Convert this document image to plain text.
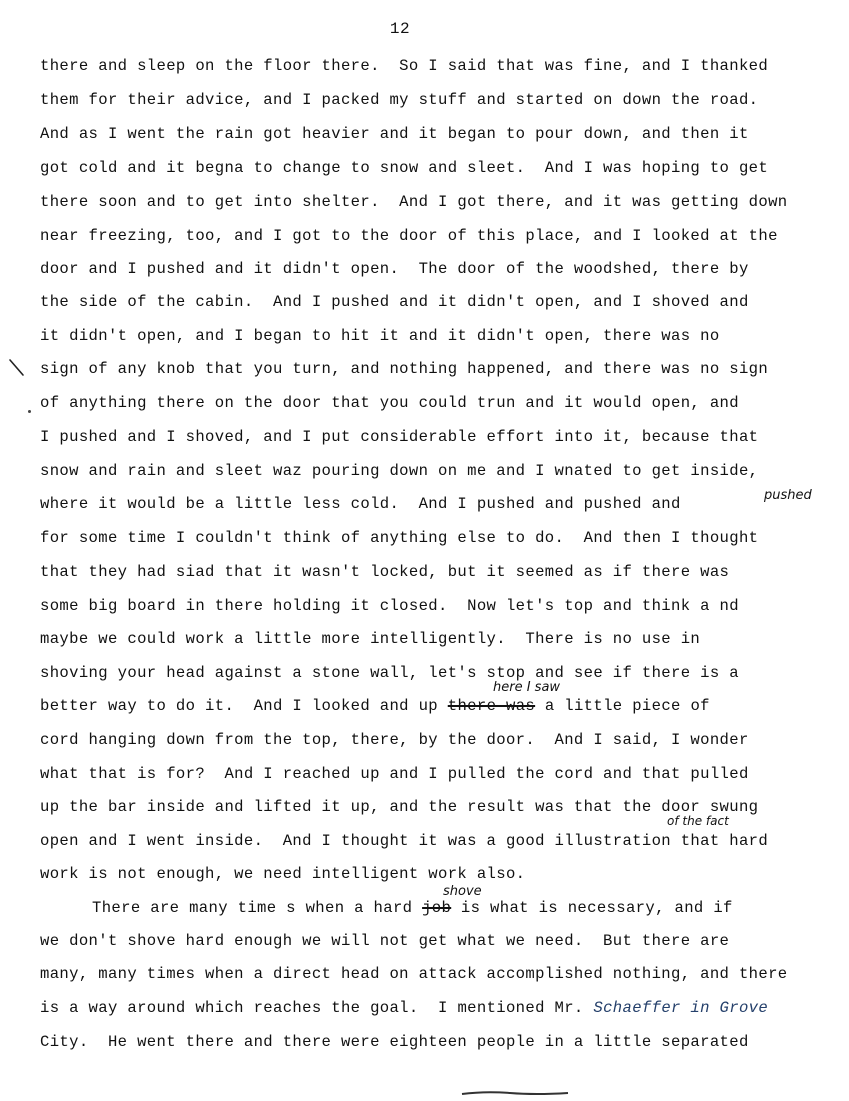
12
there and sleep on the floor there.  So I said that was fine, and I thanked
them for their advice, and I packed my stuff and started on down the road.
And as I went the rain got heavier and it began to pour down, and then it
got cold and it begna to change to snow and sleet.  And I was hoping to get
there soon and to get into shelter.  And I got there, and it was getting down
near freezing, too, and I got to the door of this place, and I looked at the
door and I pushed and it didn't open.  The door of the woodshed, there by
the side of the cabin.  And I pushed and it didn't open, and I shoved and
it didn't open, and I began to hit it and it didn't open, there was no
sign of any knob that you turn, and nothing happened, and there was no sign
of anything there on the door that you could trun and it would open, and
I pushed and I shoved, and I put considerable effort into it, because that
snow and rain and sleet waz pouring down on me and I wnated to get inside,
where it would be a little less cold.  And I pushed and pushed and
for some time I couldn't think of anything else to do.  And then I thought
that they had siad that it wasn't locked, but it seemed as if there was
some big board in there holding it closed.  Now let's top and think a nd
maybe we could work a little more intelligently.  There is no use in
shoving your head against a stone wall, let's stop and see if there is a
better way to do it.  And I looked and up there was a little piece of
cord hanging down from the top, there, by the door.  And I said, I wonder
what that is for?  And I reached up and I pulled the cord and that pulled
up the bar inside and lifted it up, and the result was that the door swung
open and I went inside.  And I thought it was a good illustration that hard
work is not enough, we need intelligent work also.
There are many time s when a hard job is what is necessary, and if
we don't shove hard enough we will not get what we need.  But there are
many, many times when a direct head on attack accomplished nothing, and there
is a way around which reaches the goal.  I mentioned Mr. Schaeffer in Grove
City.  He went there and there were eighteen people in a little separated
pushed
here I saw
of the fact
shove
